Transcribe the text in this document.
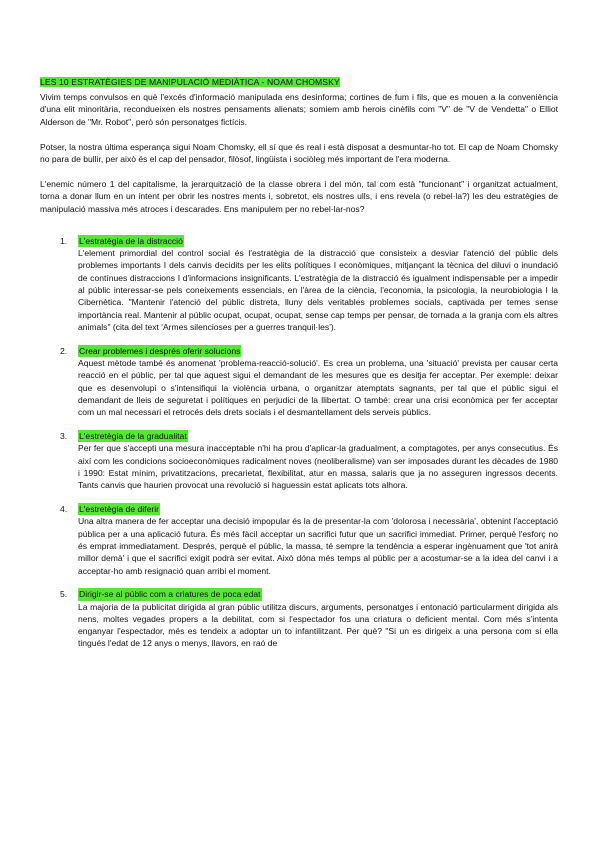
LES 10 ESTRATÈGIES DE MANIPULACIÓ MEDIÀTICA - NOAM CHOMSKY

Vivim temps convulsos en què l'excés d'informació manipulada ens desinforma; cortines de fum i fils, que es mouen a la conveniència d'una elit minoritària, recondueixen els nostres pensaments alienats; somiem amb herois cinèfils com "V" de "V de Vendetta" o Elliot Alderson de "Mr. Robot", però són personatges fictícis.

Potser, la nostra última esperança sigui Noam Chomsky, ell sí que és real i està disposat a desmuntar-ho tot. El cap de Noam Chomsky no para de bullir, per això és el cap del pensador, filòsof, lingüista i sociòleg més important de l'era moderna.

L'enemic número 1 del capitalisme, la jerarquització de la classe obrera i del món, tal com està "funcionant" i organitzat actualment, torna a donar llum en un intent per obrir les nostres ments i, sobretot, els nostres ulls, i ens revela (o rebel·la?) les deu estratègies de manipulació massiva més atroces i descarades. Ens manipulem per no rebel·lar-nos?

1.	L'estratègia de la distracció

L'element primordial del control social és l'estratègia de la distracció que consisteix a desviar l'atenció del públic dels problemes importants I dels canvis decidits per les elits polítiques I econòmiques, mitjançant la tècnica del diluvi o inundació de contínues distraccions I d'informacions insignificants. L'estratègia de la distracció és igualment indispensable per a impedir al públic interessar-se pels coneixements essencials, en l'àrea de la ciència, l'economia, la psicologia, la neurobiologia I la Cibernètica. "Mantenir l'atenció del públic distreta, lluny dels veritables problemes socials, captivada per temes sense importància real. Mantenir al públic ocupat, ocupat, ocupat, sense cap temps per pensar, de tornada a la granja com els altres animals" (cita del text 'Armes silencioses per a guerres tranquil·les').

2.	Crear problemes i després oferir solucions

Aquest mètode també és anomenat 'problema-reacció-solució'. Es crea un problema, una 'situació' prevista per causar certa reacció en el públic, per tal que aquest sigui el demandant de les mesures que es desitja fer acceptar. Per exemple: deixar que es desenvolupi o s'intensifiqui la violència urbana, o organitzar atemptats sagnants, per tal que el públic sigui el demandant de lleis de seguretat i polítiques en perjudici de la llibertat. O també: crear una crisi econòmica per fer acceptar com un mal necessari el retrocés dels drets socials i el desmantellament dels serveis públics.

3.	L'estretègia de la gradualitat

Per fer que s'accepti una mesura inacceptable n'hi ha prou d'aplicar-la gradualment, a comptagotes, per anys consecutius. És així com les condicions socioeconòmiques radicalment noves (neoliberalisme) van ser imposades durant les dècades de 1980 i 1990: Estat mínim, privatitzacions, precarietat, flexibilitat, atur en massa, salaris que ja no asseguren ingressos decents. Tants canvis que haurien provocat una revolució si haguessin estat aplicats tots alhora.

4.	L'estretègia de diferir

Una altra manera de fer acceptar una decisió impopular és la de presentar-la com 'dolorosa i necessària', obtenint l'acceptació pública per a una aplicació futura. És més fàcil acceptar un sacrifici futur que un sacrifici immediat. Primer, perquè l'esforç no és emprat immediatament. Després, perquè el públic, la massa, té sempre la tendència a esperar ingènuament que 'tot anirà millor demà' i que el sacrifici exigit podrà ser evitat. Això dóna més temps al públic per a acostumar-se a la idea del canvi i a acceptar-ho amb resignació quan arribi el moment.

5.	Dirigir-se al públic com a criatures de poca edat

La majoria de la publicitat dirigida al gran públic utilitza discurs, arguments, personatges i entonació particularment dirigida als nens, moltes vegades propers a la debilitat, com si l'espectador fos una criatura o deficient mental. Com més s'intenta enganyar l'espectador, més es tendeix a adoptar un to infantilitzant. Per què? "Si un es dirigeix a una persona com si ella tingués l'edat de 12 anys o menys, llavors, en raó de
